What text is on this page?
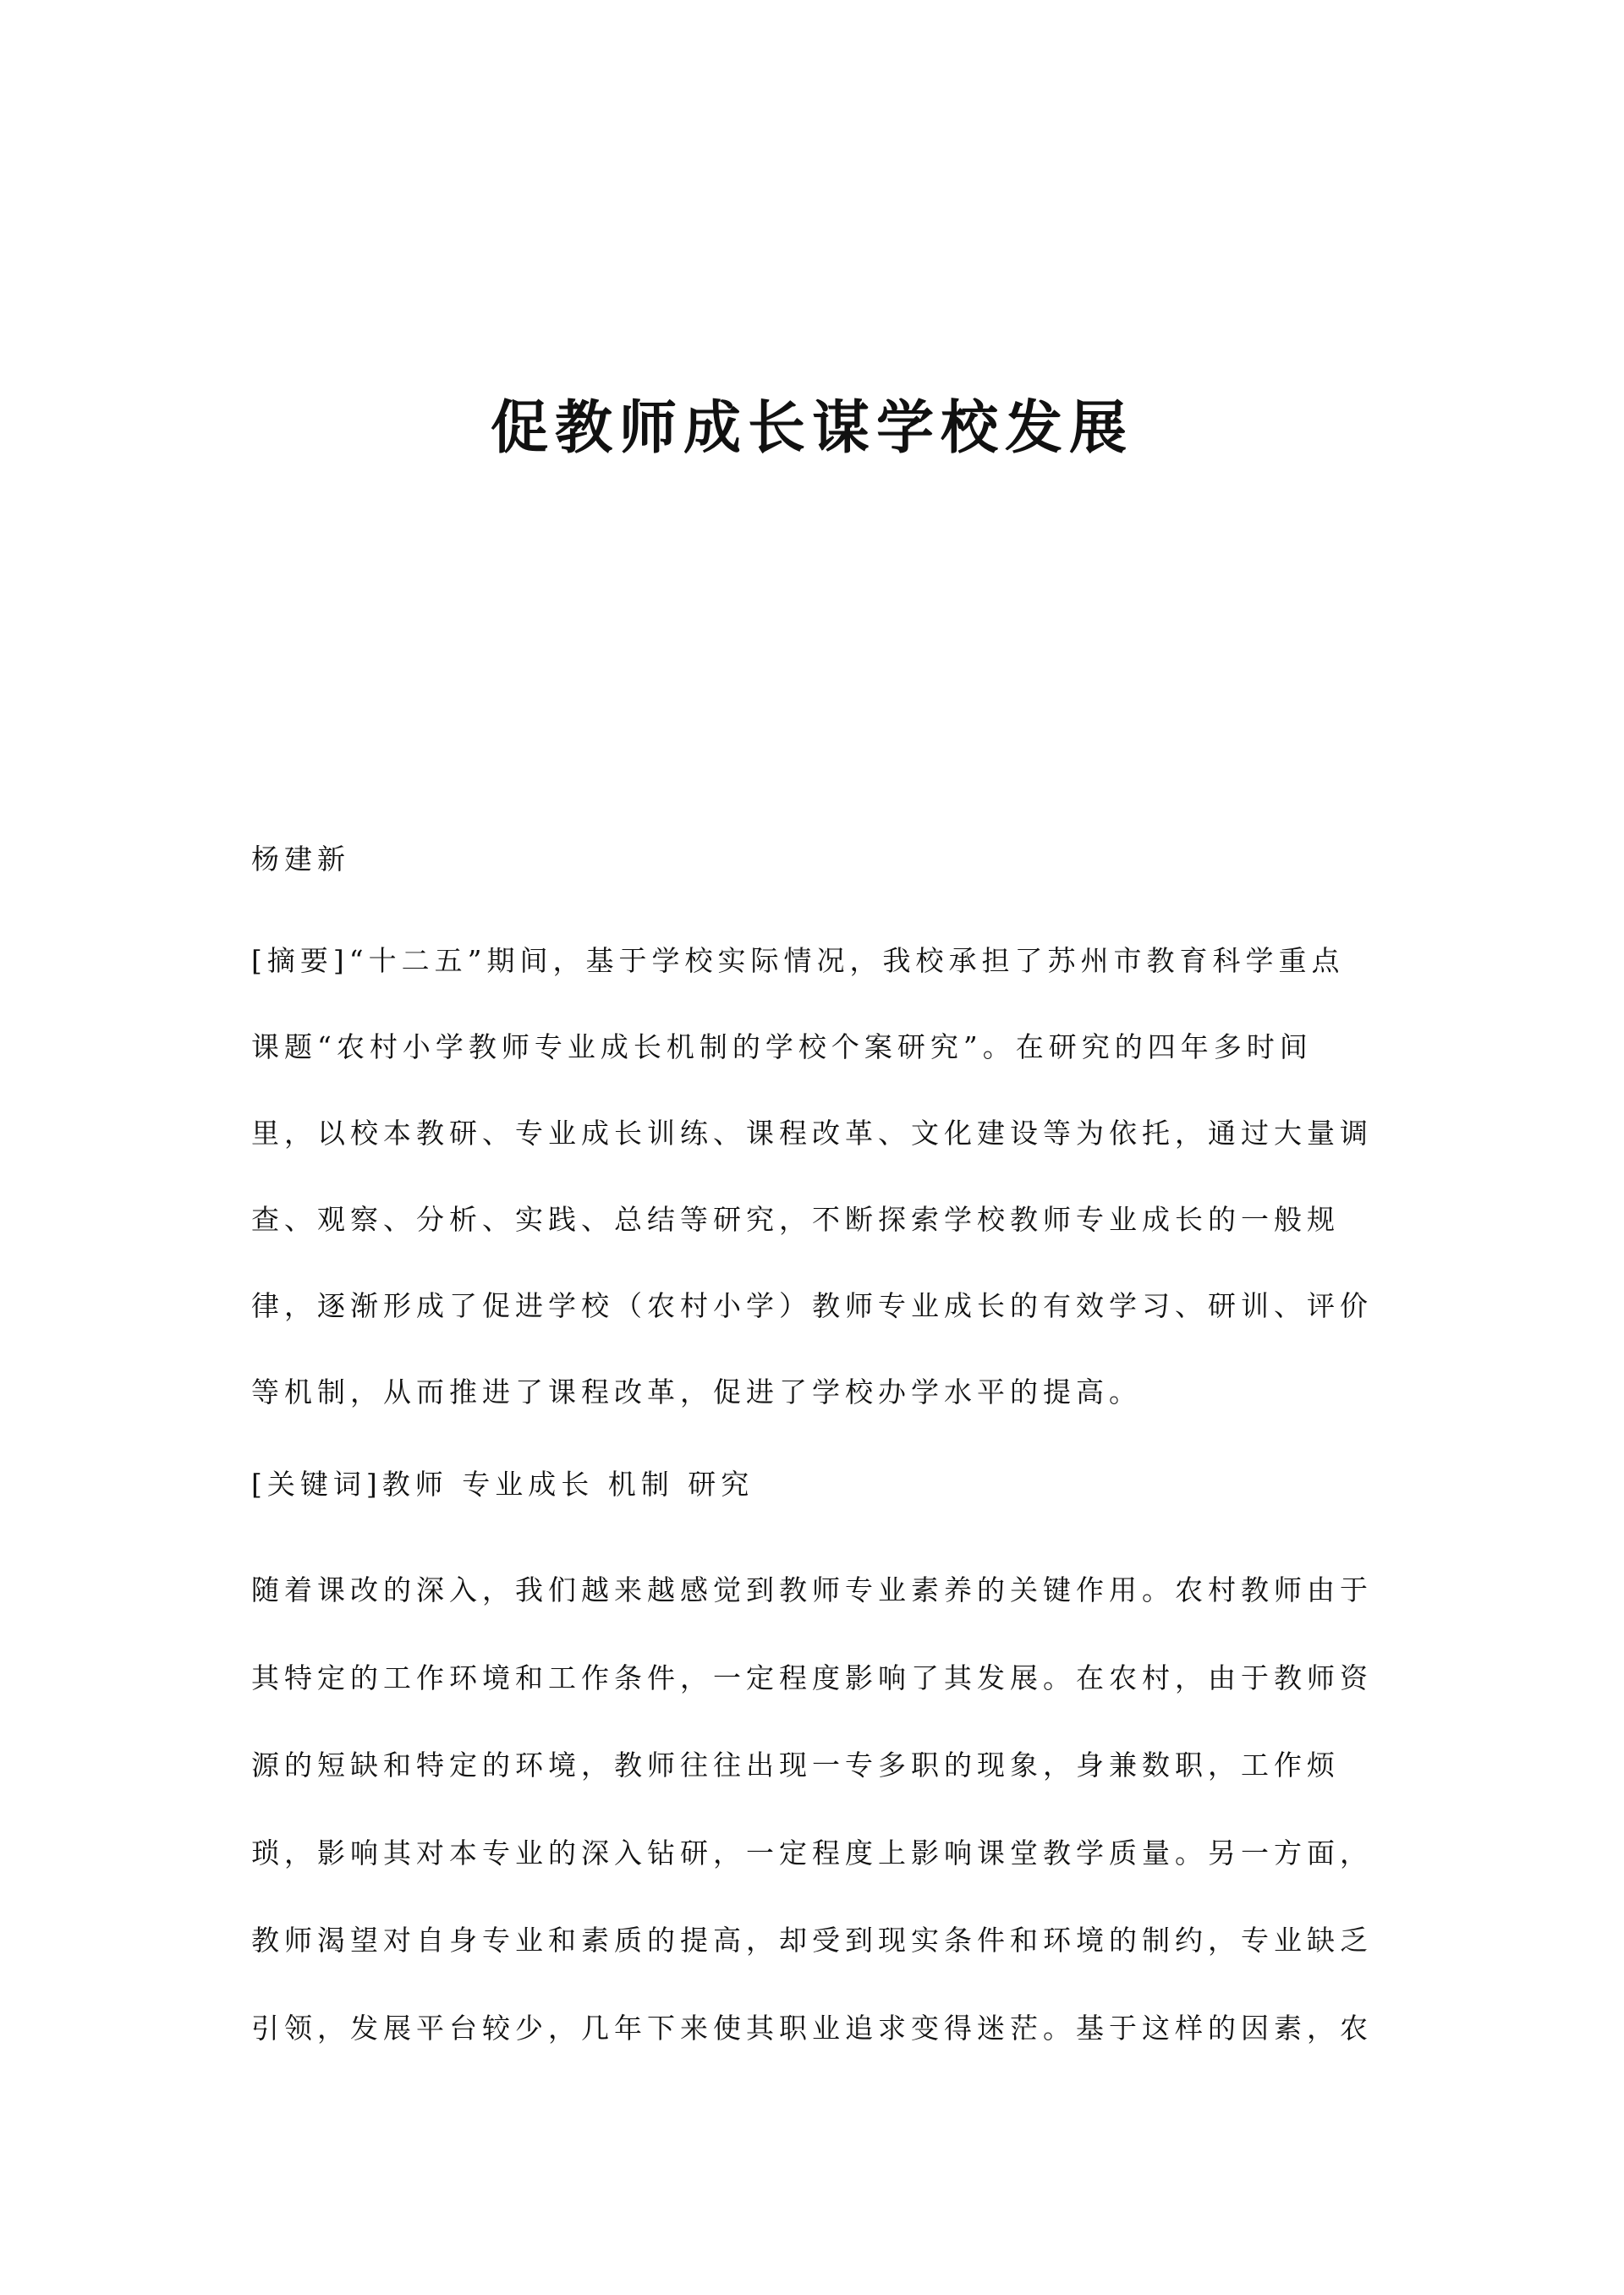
促教师成长谋学校发展
杨建新
[摘要]“十二五”期间，基于学校实际情况，我校承担了苏州市教育科学重点
课题“农村小学教师专业成长机制的学校个案研究”。在研究的四年多时间
里，以校本教研、专业成长训练、课程改革、文化建设等为依托，通过大量调
查、观察、分析、实践、总结等研究，不断探索学校教师专业成长的一般规
律，逐渐形成了促进学校（农村小学）教师专业成长的有效学习、研训、评价
等机制，从而推进了课程改革，促进了学校办学水平的提高。
[关键词]教师 专业成长 机制 研究
随着课改的深入，我们越来越感觉到教师专业素养的关键作用。农村教师由于
其特定的工作环境和工作条件，一定程度影响了其发展。在农村，由于教师资
源的短缺和特定的环境，教师往往出现一专多职的现象，身兼数职，工作烦
琐，影响其对本专业的深入钻研，一定程度上影响课堂教学质量。另一方面，
教师渴望对自身专业和素质的提高，却受到现实条件和环境的制约，专业缺乏
引领，发展平台较少，几年下来使其职业追求变得迷茫。基于这样的因素，农
